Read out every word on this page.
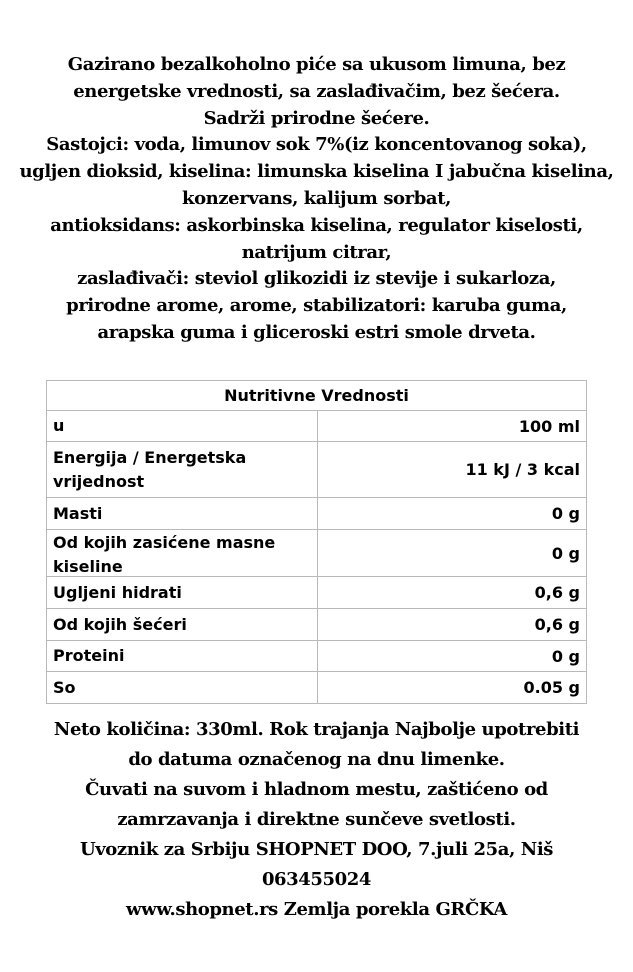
Gazirano bezalkoholno piće sa ukusom limuna, bez
energetske vrednosti, sa zaslađivačim, bez šećera.
Sadrži prirodne šećere.
Sastojci: voda, limunov sok 7%(iz koncentovanog soka),
ugljen dioksid, kiselina: limunska kiselina I jabučna kiselina,
konzervans, kalijum sorbat,
antioksidans: askorbinska kiselina, regulator kiselosti,
natrijum citrar,
zaslađivači: steviol glikozidi iz stevije i sukarloza,
prirodne arome, arome, stabilizatori: karuba guma,
arapska guma i gliceroski estri smole drveta.
Nutritivne Vrednosti	
u	100 ml
Energija / Energetska vrijednost	11 kJ / 3 kcal
Masti	0 g

Od kojih zasićene masne kiseline	0 g
Ugljeni hidrati	0,6 g
Od kojih šećeri	0,6 g
Proteini	0 g
So	0.05 g
Neto količina: 330ml. Rok trajanja Najbolje upotrebiti
do datuma označenog na dnu limenke.
Čuvati na suvom i hladnom mestu, zaštićeno od
zamrzavanja i direktne sunčeve svetlosti.
Uvoznik za Srbiju SHOPNET DOO, 7.juli 25a, Niš
063455024
www.shopnet.rs Zemlja porekla GRČKA
